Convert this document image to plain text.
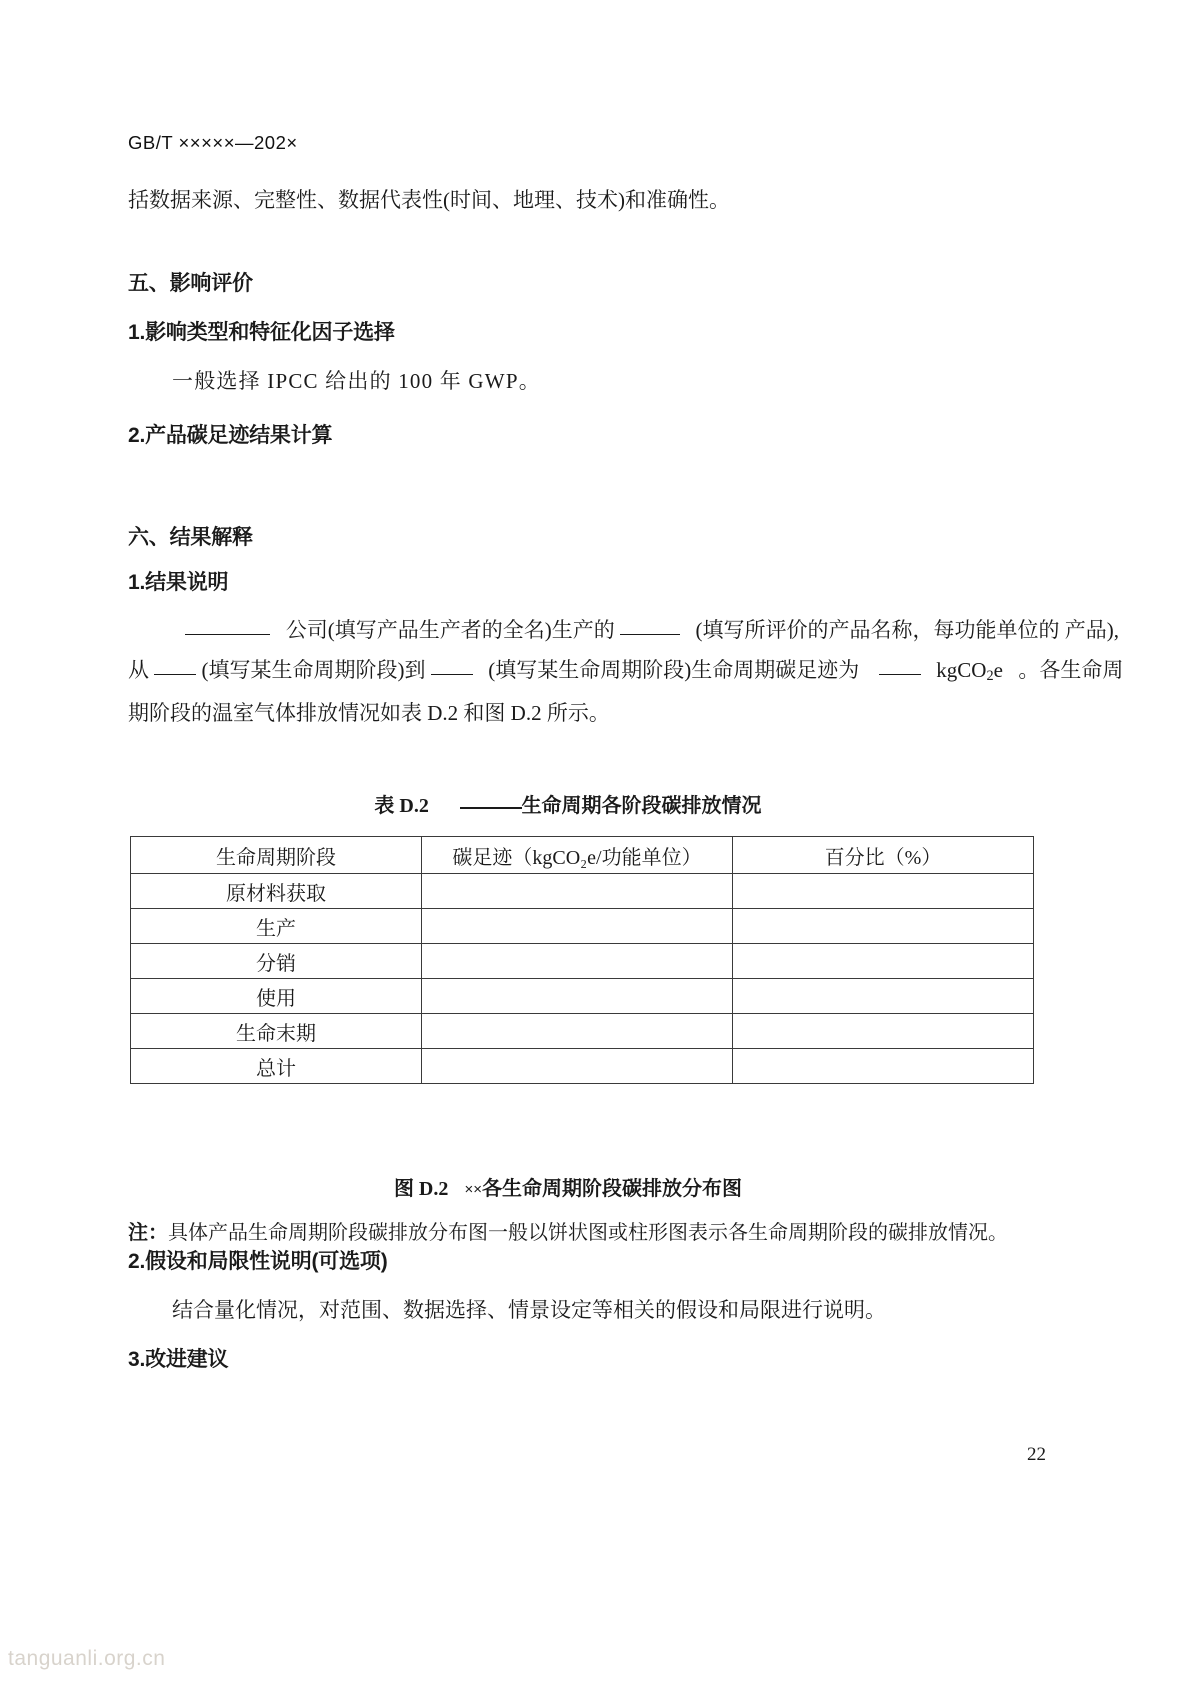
GB/T ×××××—202×
括数据来源、完整性、数据代表性(时间、地理、技术)和准确性。
五、影响评价
1.影响类型和特征化因子选择
一般选择 IPCC 给出的 100 年 GWP。
2.产品碳足迹结果计算
六、结果解释
1.结果说明
公司(填写产品生产者的全名)生产的	(填写所评价的产品名称，每功能单位的 产品),
从	(填写某生命周期阶段)到	(填写某生命周期阶段)生命周期碳足迹为	kgCO$_2$e 。各生命周
期阶段的温室气体排放情况如表 D.2 和图 D.2 所示。
表 D.2	生命周期各阶段碳排放情况
生命周期阶段	碳足迹（kgCO₂e/功能单位）	百分比（%）
原材料获取		
生产		
分销		
使用		
生命末期		
总计		
图 D.2 ××各生命周期阶段碳排放分布图
注：具体产品生命周期阶段碳排放分布图一般以饼状图或柱形图表示各生命周期阶段的碳排放情况。
2.假设和局限性说明(可选项)
结合量化情况，对范围、数据选择、情景设定等相关的假设和局限进行说明。
3.改进建议
22
tanguanli.org.cn
